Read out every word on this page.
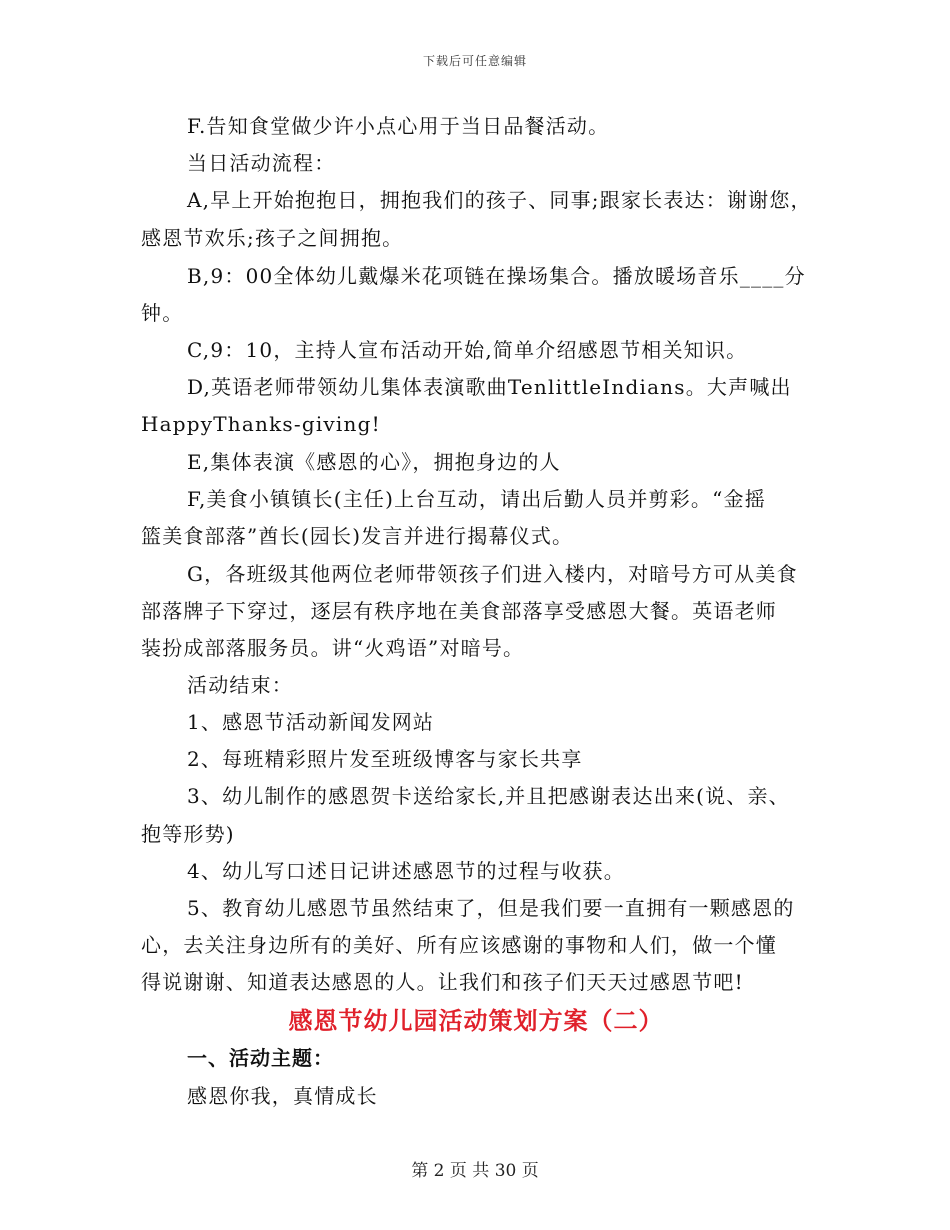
下载后可任意编辑
F.告知食堂做少许小点心用于当日品餐活动。
当日活动流程：
A,早上开始抱抱日，拥抱我们的孩子、同事;跟家长表达：谢谢您，
感恩节欢乐;孩子之间拥抱。
B,9：00全体幼儿戴爆米花项链在操场集合。播放暖场音乐____分
钟。
C,9：10，主持人宣布活动开始,简单介绍感恩节相关知识。
D,英语老师带领幼儿集体表演歌曲TenlittleIndians。大声喊出
HappyThanks-giving!
E,集体表演《感恩的心》，拥抱身边的人
F,美食小镇镇长(主任)上台互动，请出后勤人员并剪彩。“金摇
篮美食部落”酋长(园长)发言并进行揭幕仪式。
G，各班级其他两位老师带领孩子们进入楼内，对暗号方可从美食
部落牌子下穿过，逐层有秩序地在美食部落享受感恩大餐。英语老师
装扮成部落服务员。讲“火鸡语”对暗号。
活动结束：
1、感恩节活动新闻发网站
2、每班精彩照片发至班级博客与家长共享
3、幼儿制作的感恩贺卡送给家长,并且把感谢表达出来(说、亲、
抱等形势)
4、幼儿写口述日记讲述感恩节的过程与收获。
5、教育幼儿感恩节虽然结束了，但是我们要一直拥有一颗感恩的
心，去关注身边所有的美好、所有应该感谢的事物和人们，做一个懂
得说谢谢、知道表达感恩的人。让我们和孩子们天天过感恩节吧!
感恩节幼儿园活动策划方案（二）
一、活动主题：
感恩你我，真情成长
第 2 页 共 30 页
